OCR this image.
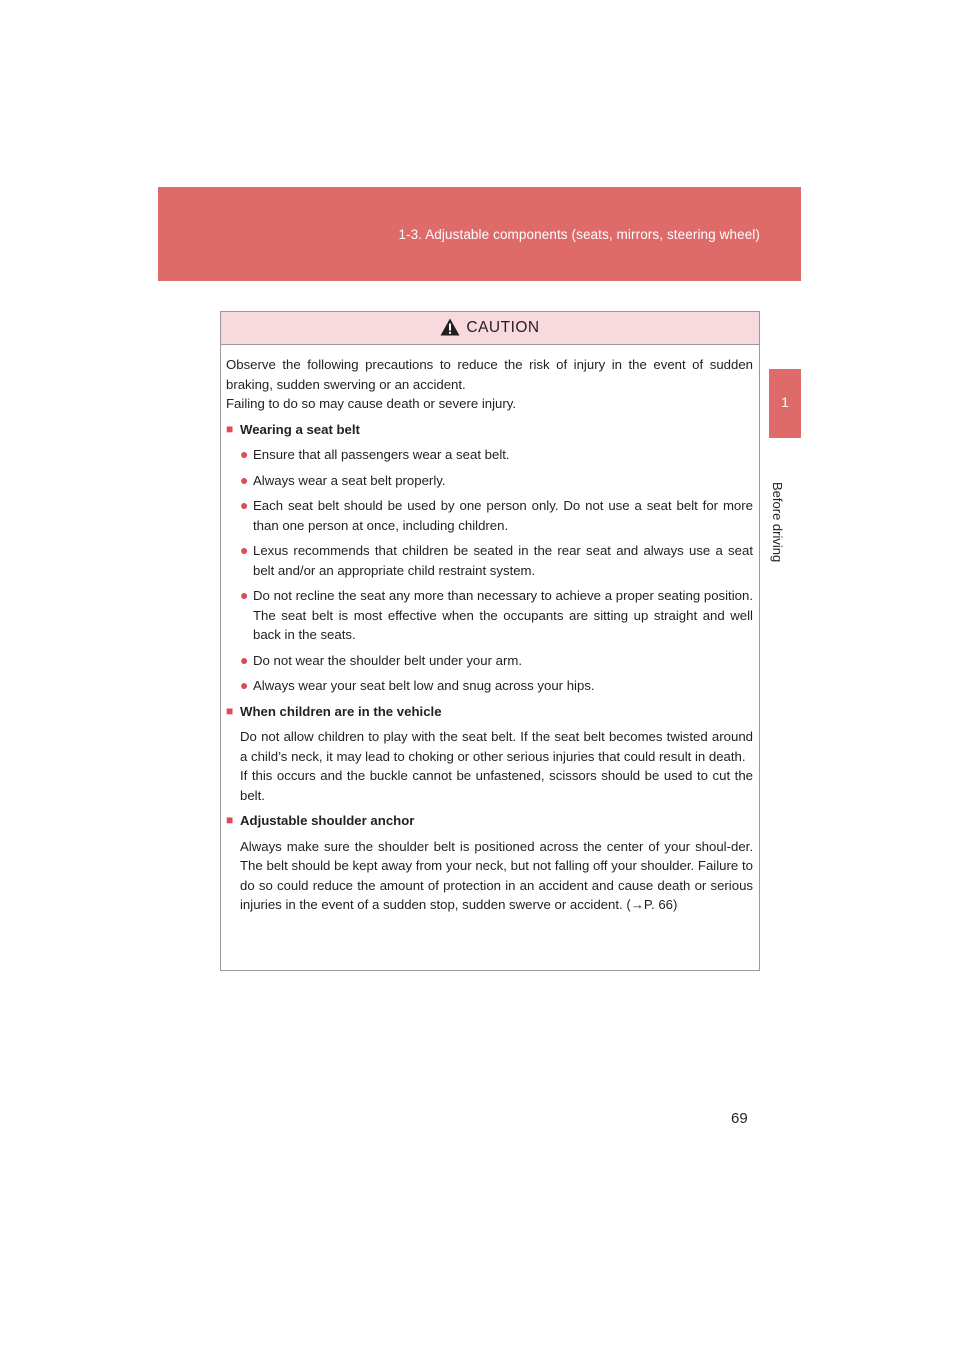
1-3. Adjustable components (seats, mirrors, steering wheel)
1
Before driving
CAUTION

Observe the following precautions to reduce the risk of injury in the event of sudden braking, sudden swerving or an accident.

Failing to do so may cause death or severe injury.

■ Wearing a seat belt
● Ensure that all passengers wear a seat belt.
● Always wear a seat belt properly.
● Each seat belt should be used by one person only. Do not use a seat belt for more than one person at once, including children.
● Lexus recommends that children be seated in the rear seat and always use a seat belt and/or an appropriate child restraint system.
● Do not recline the seat any more than necessary to achieve a proper seating position. The seat belt is most effective when the occupants are sitting up straight and well back in the seats.
● Do not wear the shoulder belt under your arm.
● Always wear your seat belt low and snug across your hips.
■ When children are in the vehicle

Do not allow children to play with the seat belt. If the seat belt becomes twisted around a child’s neck, it may lead to choking or other serious injuries that could result in death.

If this occurs and the buckle cannot be unfastened, scissors should be used to cut the belt.

■ Adjustable shoulder anchor

Always make sure the shoulder belt is positioned across the center of your shoul-der. The belt should be kept away from your neck, but not falling off your shoulder. Failure to do so could reduce the amount of protection in an accident and cause death or serious injuries in the event of a sudden stop, sudden swerve or accident. (→P. 66)

69
